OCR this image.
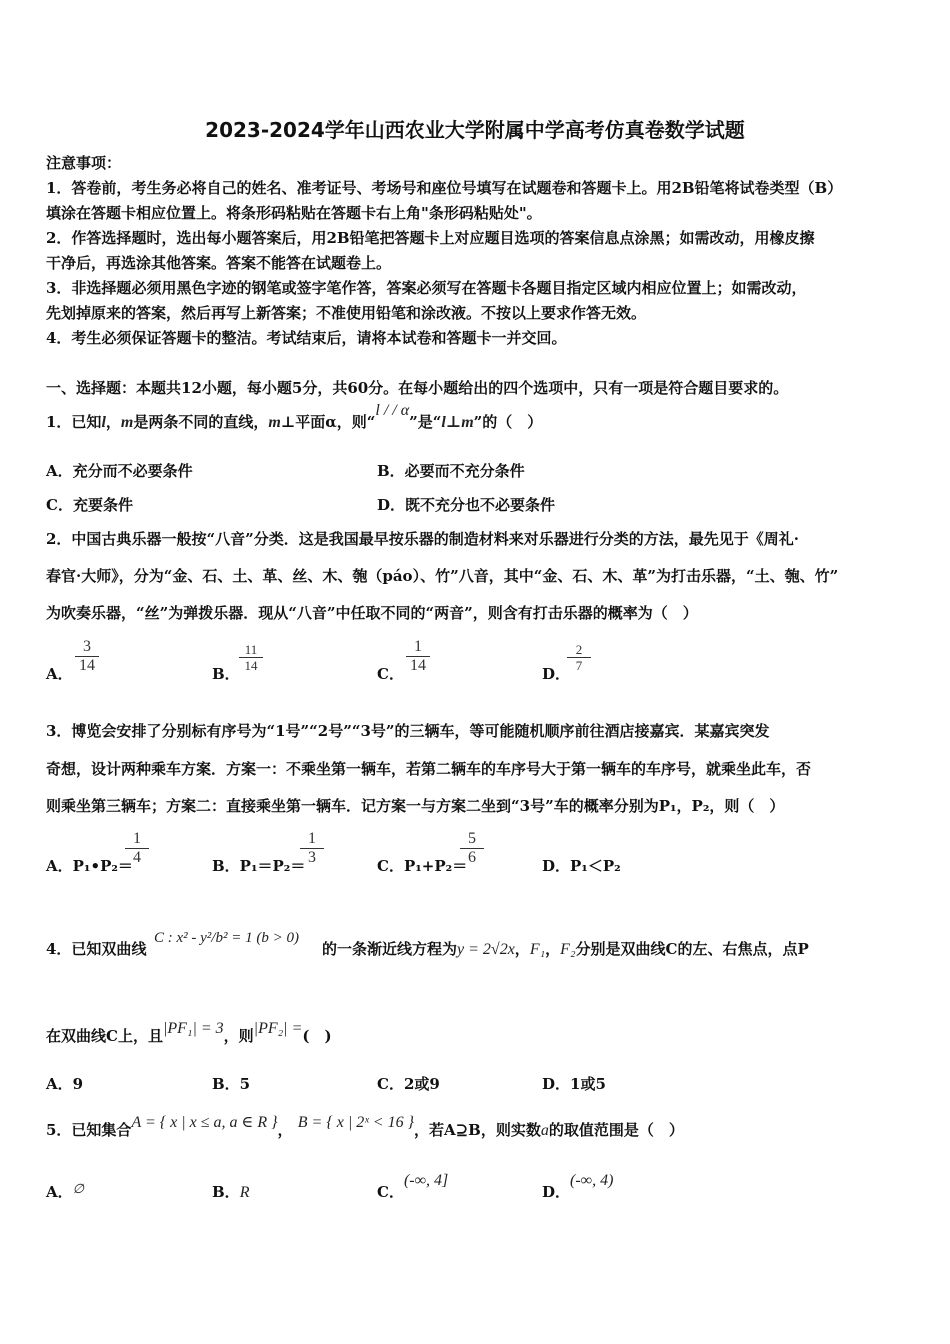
2023-2024学年山西农业大学附属中学高考仿真卷数学试题
注意事项：
1．答卷前，考生务必将自己的姓名、准考证号、考场号和座位号填写在试题卷和答题卡上。用2B铅笔将试卷类型（B）
填涂在答题卡相应位置上。将条形码粘贴在答题卡右上角"条形码粘贴处"。
2．作答选择题时，选出每小题答案后，用2B铅笔把答题卡上对应题目选项的答案信息点涂黑；如需改动，用橡皮擦
干净后，再选涂其他答案。答案不能答在试题卷上。
3．非选择题必须用黑色字迹的钢笔或签字笔作答，答案必须写在答题卡各题目指定区域内相应位置上；如需改动，
先划掉原来的答案，然后再写上新答案；不准使用铅笔和涂改液。不按以上要求作答无效。
4．考生必须保证答题卡的整洁。考试结束后，请将本试卷和答题卡一并交回。
一、选择题：本题共12小题，每小题5分，共60分。在每小题给出的四个选项中，只有一项是符合题目要求的。
1．已知l，m是两条不同的直线，m⊥平面α，则“l / / α”是“l⊥m”的（　）
A．充分而不必要条件	B．必要而不充分条件
C．充要条件	D．既不充分也不必要条件
2．中国古典乐器一般按“八音”分类．这是我国最早按乐器的制造材料来对乐器进行分类的方法，最先见于《周礼·
春官·大师》，分为“金、石、土、革、丝、木、匏（páo）、竹”八音，其中“金、石、木、革”为打击乐器，“土、匏、竹”
为吹奏乐器，“丝”为弹拨乐器．现从“八音”中任取不同的“两音”，则含有打击乐器的概率为（　）
A． $\frac{3}{14}$	B．
$\frac{11}{14}$
C． $\frac{1}{14}$	D．
$\frac{2}{7}$
3．博览会安排了分别标有序号为“1号”“2号”“3号”的三辆车，等可能随机顺序前往酒店接嘉宾．某嘉宾突发
奇想，设计两种乘车方案．方案一：不乘坐第一辆车，若第二辆车的车序号大于第一辆车的车序号，就乘坐此车，否
则乘坐第三辆车；方案二：直接乘坐第一辆车．记方案一与方案二坐到“3号”车的概率分别为P₁，P₂，则（　）
A．P₁•P₂＝
$\frac{1}{4}$	B．P₁＝P₂＝
$\frac{1}{3}$	C．P₁+P₂＝
$\frac{5}{6}$	D．P₁＜P₂
4．已知双曲线
C : x² - y²/b² = 1 (b > 0)
的一条渐近线方程为y = 2√2x，F₁，F₂分别是双曲线C的左、右焦点，点P
在双曲线C上，且|PF₁| = 3，则|PF₂| =(　)
A．9	B．5	C．2或9	D．1或5
5．已知集合A = { x | x ≤ a, a ∈ R }， B = { x | 2ˣ < 16 }，若A⊇B，则实数a的取值范围是（　）
A．∅	B．R	C．(-∞, 4]
D．(-∞, 4)
